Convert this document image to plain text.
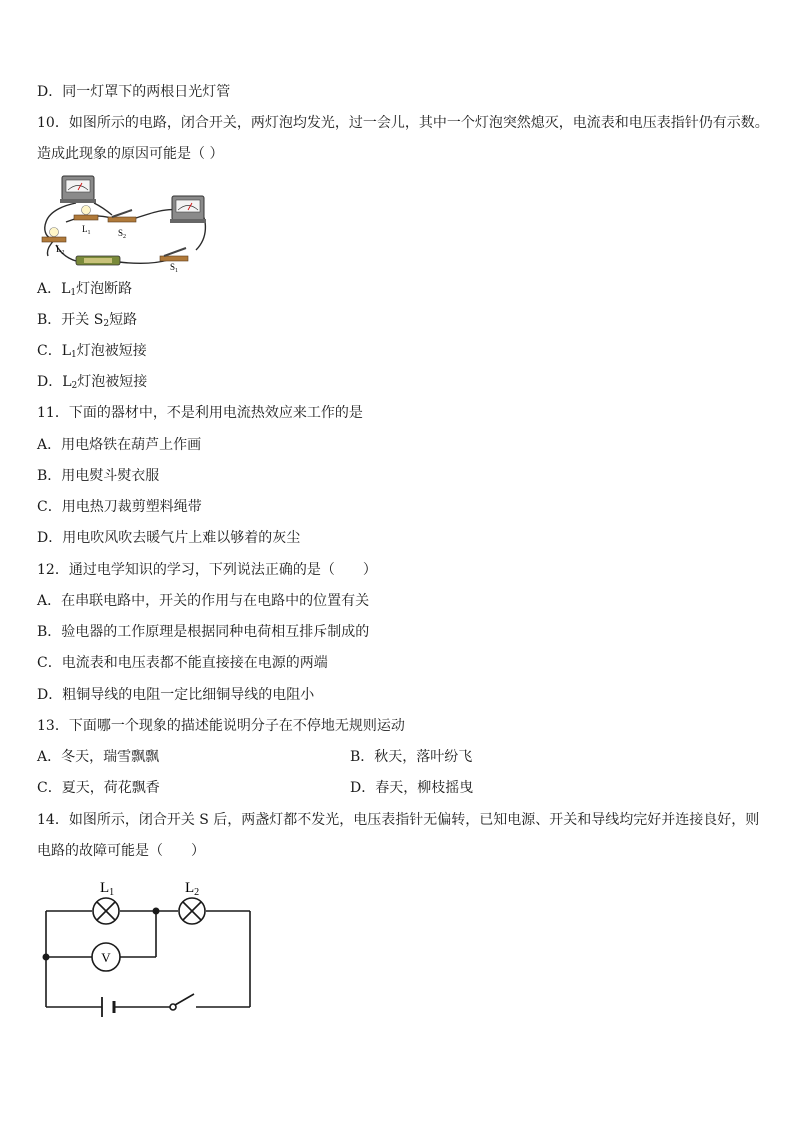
D．同一灯罩下的两根日光灯管
10．如图所示的电路，闭合开关，两灯泡均发光，过一会儿，其中一个灯泡突然熄灭，电流表和电压表指针仍有示数。
造成此现象的原因可能是（ ）
$L_1$	$S_2$
$L_2$
$S_1$
A．$L_1$灯泡断路
B．开关 $S_2$短路
C．$L_1$灯泡被短接
D．$L_2$灯泡被短接
11．下面的器材中，不是利用电流热效应来工作的是
A．用电烙铁在葫芦上作画
B．用电熨斗熨衣服
C．用电热刀裁剪塑料绳带
D．用电吹风吹去暖气片上难以够着的灰尘
12．通过电学知识的学习，下列说法正确的是（　　）
A．在串联电路中，开关的作用与在电路中的位置有关
B．验电器的工作原理是根据同种电荷相互排斥制成的
C．电流表和电压表都不能直接接在电源的两端
D．粗铜导线的电阻一定比细铜导线的电阻小
13．下面哪一个现象的描述能说明分子在不停地无规则运动
A．冬天，瑞雪飘飘	B．秋天，落叶纷飞
C．夏天，荷花飘香	D．春天，柳枝摇曳
14．如图所示，闭合开关 S 后，两盏灯都不发光，电压表指针无偏转，已知电源、开关和导线均完好并连接良好，则
电路的故障可能是（　　）
$L_1$	$L_2$
V
